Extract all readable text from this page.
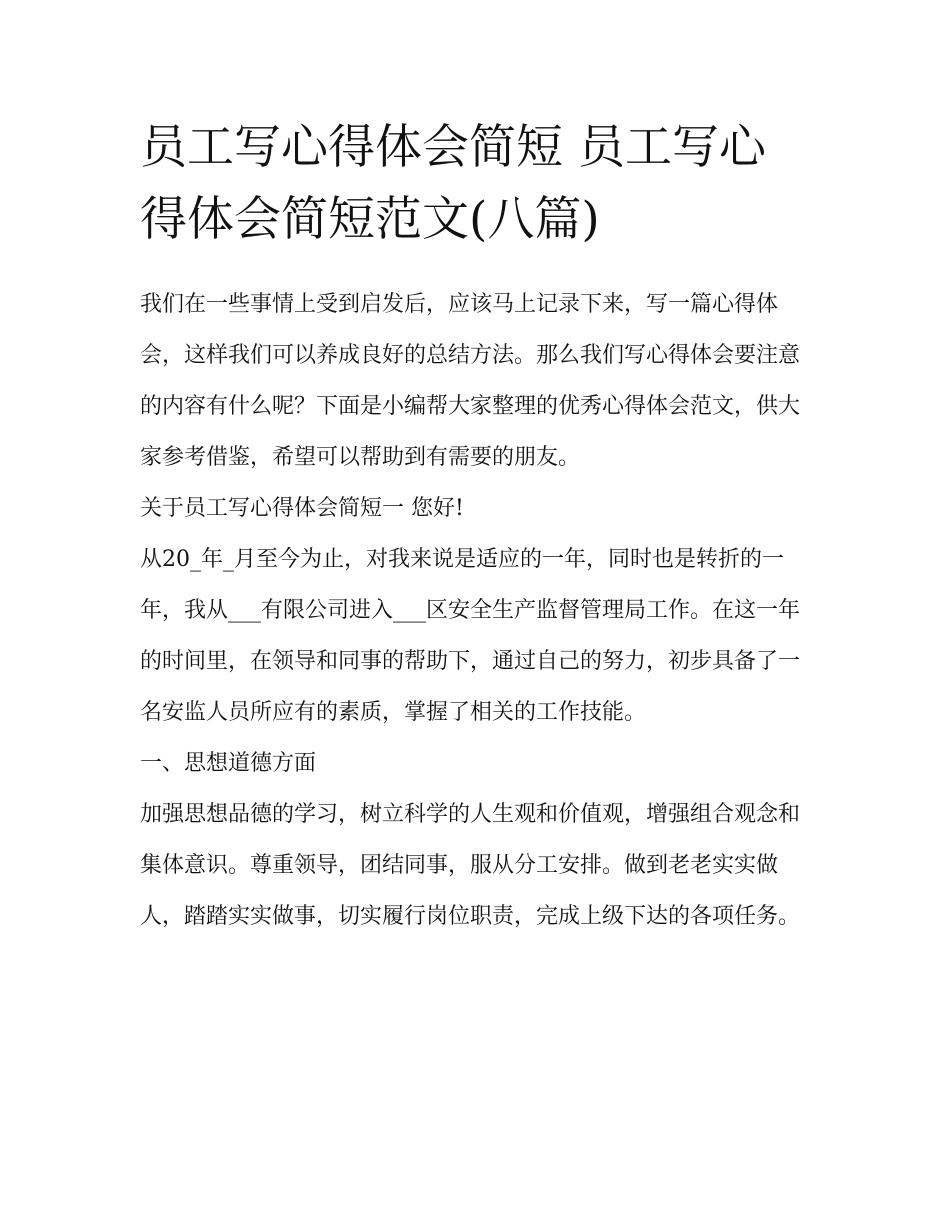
员工写心得体会简短 员工写心得体会简短范文(八篇)

我们在一些事情上受到启发后，应该马上记录下来，写一篇心得体会，这样我们可以养成良好的总结方法。那么我们写心得体会要注意的内容有什么呢？下面是小编帮大家整理的优秀心得体会范文，供大家参考借鉴，希望可以帮助到有需要的朋友。

关于员工写心得体会简短一 您好!

从20_年_月至今为止，对我来说是适应的一年，同时也是转折的一年，我从___有限公司进入___区安全生产监督管理局工作。在这一年的时间里，在领导和同事的帮助下，通过自己的努力，初步具备了一名安监人员所应有的素质，掌握了相关的工作技能。

一、思想道德方面

加强思想品德的学习，树立科学的人生观和价值观，增强组合观念和集体意识。尊重领导，团结同事，服从分工安排。做到老老实实做人，踏踏实实做事，切实履行岗位职责，完成上级下达的各项任务。
